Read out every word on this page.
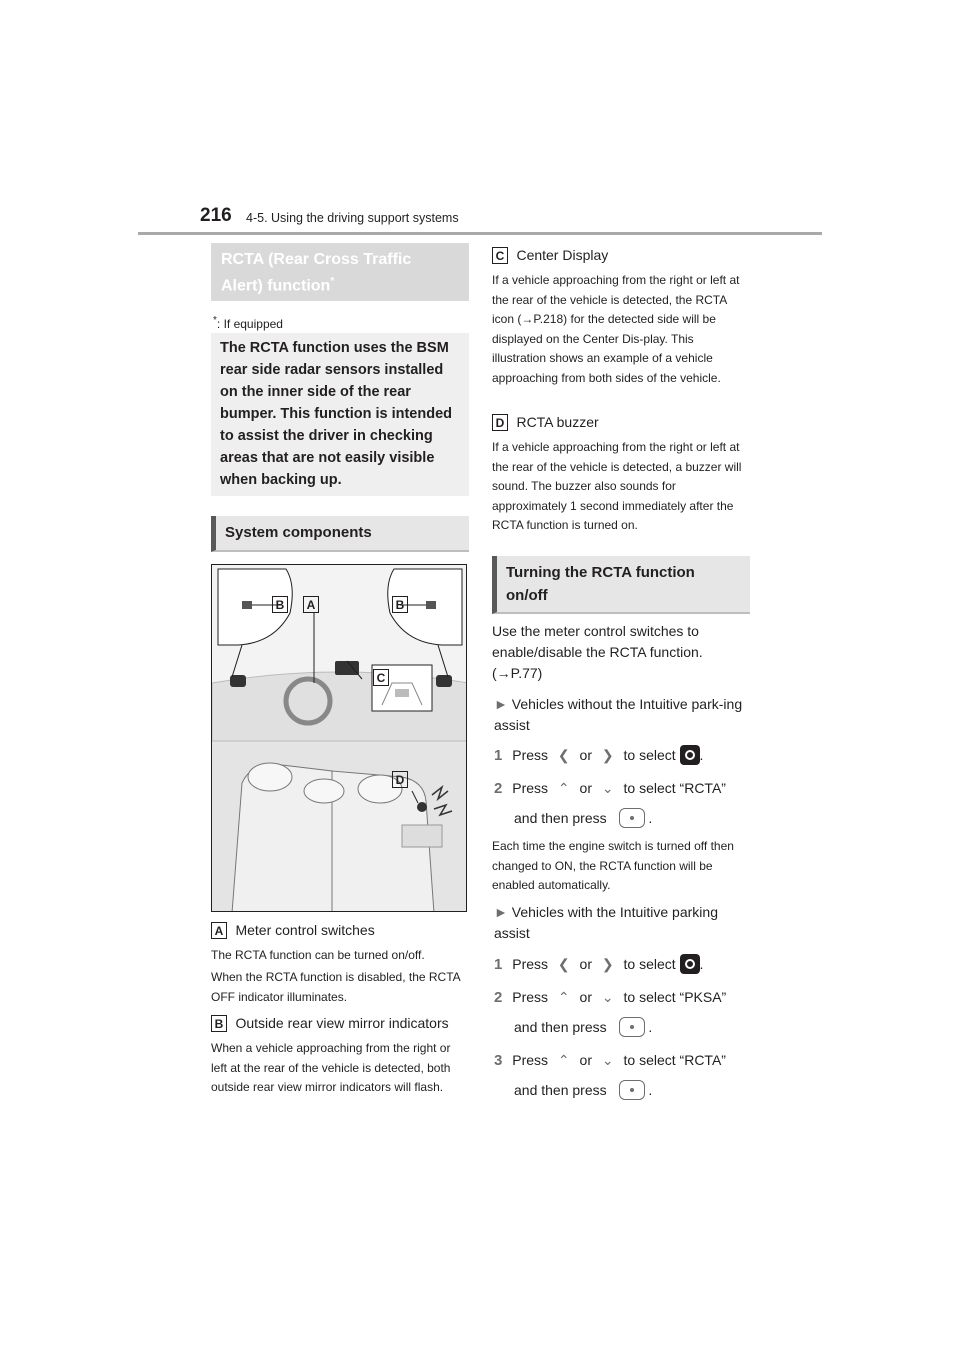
216 4-5. Using the driving support systems
RCTA (Rear Cross Traffic
Alert) function*
*: If equipped
The RCTA function uses the BSM rear side radar sensors installed on the inner side of the rear bumper. This function is intended to assist the driver in checking areas that are not easily visible when backing up.
System components
B	A	B
C
D
A Meter control switches
The RCTA function can be turned on/off.
When the RCTA function is disabled, the RCTA OFF indicator illuminates.
B Outside rear view mirror indicators
When a vehicle approaching from the right or left at the rear of the vehicle is detected, both outside rear view mirror indicators will flash.
C Center Display
If a vehicle approaching from the right or left at the rear of the vehicle is detected, the RCTA icon (→P.218) for the detected side will be displayed on the Center Dis-play. This illustration shows an example of a vehicle approaching from both sides of the vehicle.
D RCTA buzzer
If a vehicle approaching from the right or left at the rear of the vehicle is detected, a buzzer will sound. The buzzer also sounds for approximately 1 second immediately after the RCTA function is turned on.
Turning the RCTA function
on/off
Use the meter control switches to enable/disable the RCTA function. (→P.77)
► Vehicles without the Intuitive park-ing assist
1 Press ❮ or ❯ to select .
2 Press ⌃ or ⌄ to select “RCTA”
and then press	.
Each time the engine switch is turned off then changed to ON, the RCTA function will be enabled automatically.
► Vehicles with the Intuitive parking assist
1 Press ❮ or ❯ to select .
2 Press ⌃ or ⌄ to select “PKSA”
and then press	.
3 Press ⌃ or ⌄ to select “RCTA”
and then press	.
